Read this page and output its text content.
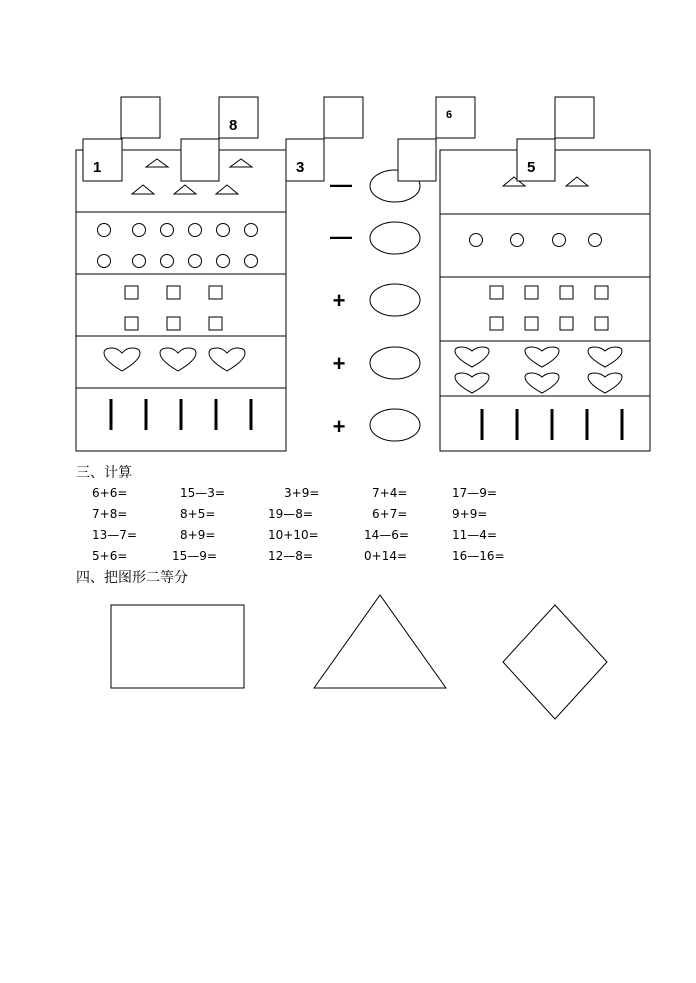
—
—
+
+
+
8
6
1	3	5
三、计算
6+6=	15—3=	3+9=	7+4=	17—9=
7+8=	8+5=	19—8=	6+7=	9+9=
13—7=	8+9=	10+10=	14—6=	11—4=
5+6=	15—9=	12—8=	0+14=	16—16=
四、把图形二等分
